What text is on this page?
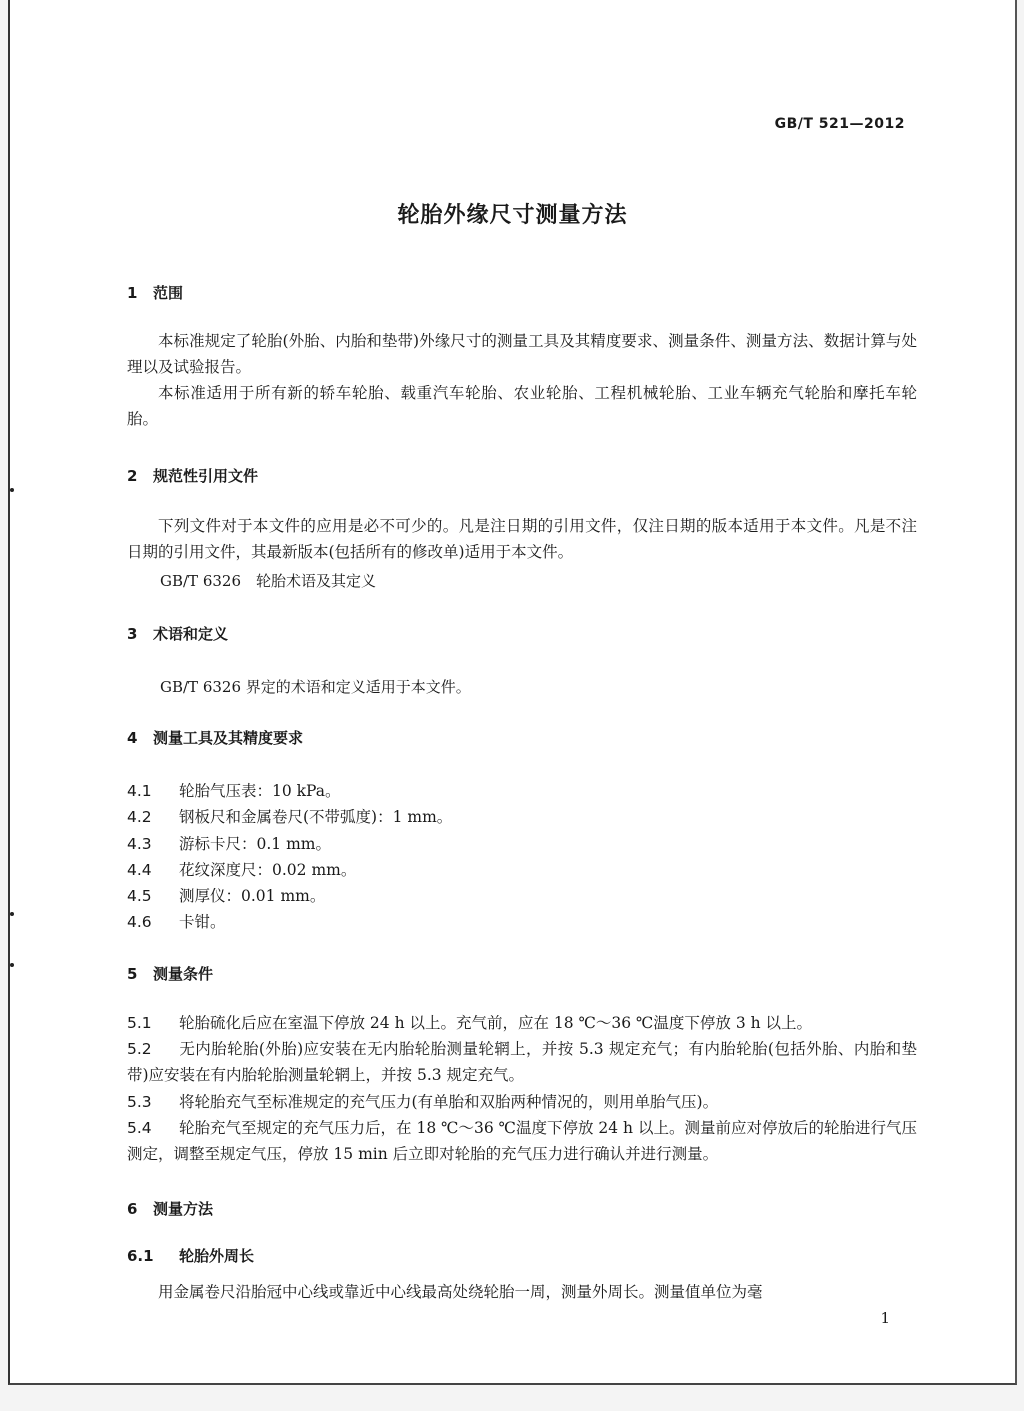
GB/T 521—2012
轮胎外缘尺寸测量方法
1 范围

本标准规定了轮胎(外胎、内胎和垫带)外缘尺寸的测量工具及其精度要求、测量条件、测量方法、数据计算与处理以及试验报告。

本标准适用于所有新的轿车轮胎、载重汽车轮胎、农业轮胎、工程机械轮胎、工业车辆充气轮胎和摩托车轮胎。

2 规范性引用文件

下列文件对于本文件的应用是必不可少的。凡是注日期的引用文件，仅注日期的版本适用于本文件。凡是不注日期的引用文件，其最新版本(包括所有的修改单)适用于本文件。

GB/T 6326　轮胎术语及其定义
3 术语和定义
GB/T 6326 界定的术语和定义适用于本文件。
4 测量工具及其精度要求
4.1 轮胎气压表：10 kPa。
4.2 钢板尺和金属卷尺(不带弧度)：1 mm。
4.3 游标卡尺：0.1 mm。
4.4 花纹深度尺：0.02 mm。
4.5 测厚仪：0.01 mm。
4.6 卡钳。
5 测量条件

5.1 轮胎硫化后应在室温下停放 24 h 以上。充气前，应在 18 ℃～36 ℃温度下停放 3 h 以上。

5.2 无内胎轮胎(外胎)应安装在无内胎轮胎测量轮辋上，并按 5.3 规定充气；有内胎轮胎(包括外胎、内胎和垫带)应安装在有内胎轮胎测量轮辋上，并按 5.3 规定充气。

5.3 将轮胎充气至标准规定的充气压力(有单胎和双胎两种情况的，则用单胎气压)。

5.4 轮胎充气至规定的充气压力后，在 18 ℃～36 ℃温度下停放 24 h 以上。测量前应对停放后的轮胎进行气压测定，调整至规定气压，停放 15 min 后立即对轮胎的充气压力进行确认并进行测量。

6 测量方法
6.1 轮胎外周长

用金属卷尺沿胎冠中心线或靠近中心线最高处绕轮胎一周，测量外周长。测量值单位为毫

1
